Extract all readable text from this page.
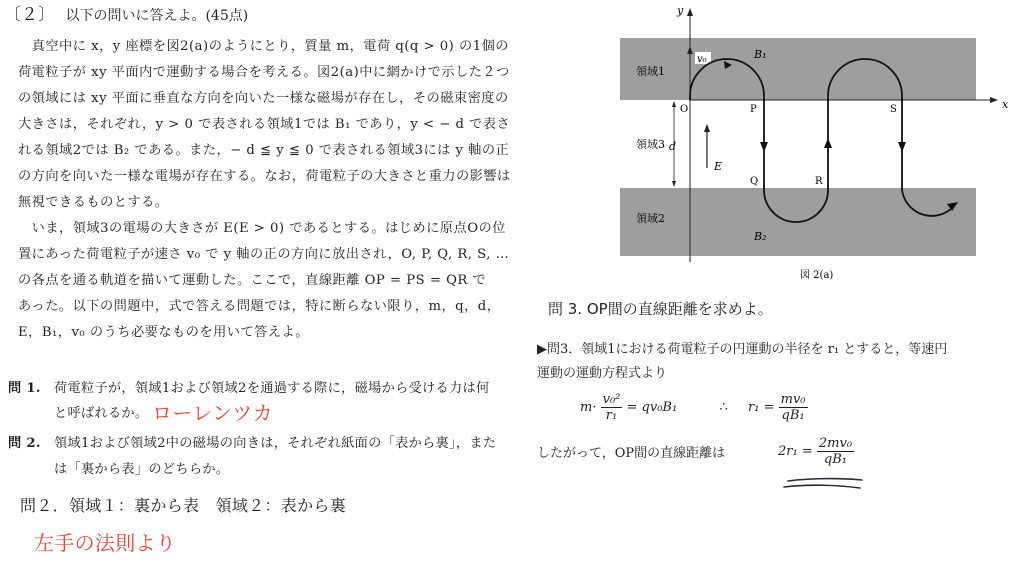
〔２〕 以下の問いに答えよ。(45点)
　真空中に x，y 座標を図2(a)のようにとり，質量 m，電荷 q(q > 0) の1個の
荷電粒子が xy 平面内で運動する場合を考える。図2(a)中に網かけで示した２つ
の領域には xy 平面に垂直な方向を向いた一様な磁場が存在し，その磁束密度の
大きさは，それぞれ，y > 0 で表される領域1では B₁ であり，y < − d で表さ
れる領域2では B₂ である。また，− d ≦ y ≦ 0 で表される領域3には y 軸の正
の方向を向いた一様な電場が存在する。なお，荷電粒子の大きさと重力の影響は
無視できるものとする。
　いま，領域3の電場の大きさが E(E > 0) であるとする。はじめに原点Oの位
置にあった荷電粒子が速さ v₀ で y 軸の正の方向に放出され，O, P, Q, R, S, …
の各点を通る軌道を描いて運動した。ここで，直線距離 OP = PS = QR で
あった。以下の問題中，式で答える問題では，特に断らない限り，m，q，d，
E，B₁，v₀ のうち必要なものを用いて答えよ。
問 1. 荷電粒子が，領域1および領域2を通過する際に，磁場から受ける力は何
と呼ばれるか。 ローレンツカ
問 2. 領域1および領域2中の磁場の向きは，それぞれ紙面の「表から裏」，また
は「裏から表」のどちらか。
問２．領域１：裏から表　領域２：表から裏
左手の法則より
y
x
領域1
領域3
領域2
d
E
v₀	B₁
B₂
O	P
Q	R
S
図 2(a)
問 3. OP間の直線距離を求めよ。
▶問3．領域1における荷電粒子の円運動の半径を r₁ とすると，等速円
運動の運動方程式より
$m\cdot \frac{\text{v₀²}}{\text{r₁}} = qv_0B_1$	∴ $r_1 = \frac{\text{mv₀}}{\text{qB₁}}$
したがって，OP間の直線距離は	$2r_1 = \frac{\text{2mv₀}}{\text{qB₁}}$
